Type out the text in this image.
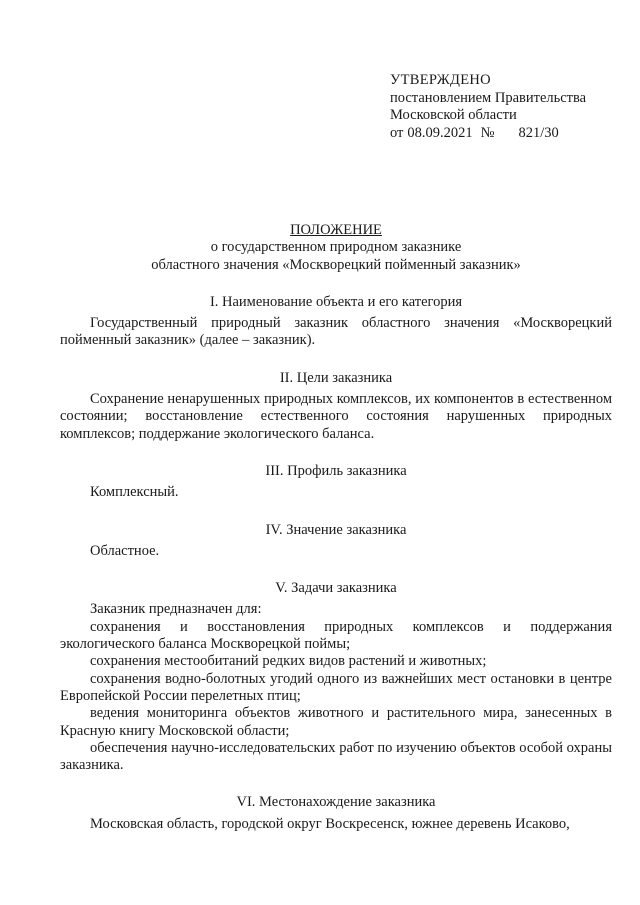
УТВЕРЖДЕНО
постановлением Правительства
Московской области
от 08.09.2021 № 821/30
ПОЛОЖЕНИЕ
о государственном природном заказнике
областного значения «Москворецкий пойменный заказник»
I. Наименование объекта и его категория

Государственный природный заказник областного значения «Москворецкий пойменный заказник» (далее – заказник).

II. Цели заказника

Сохранение ненарушенных природных комплексов, их компонентов в естественном состоянии; восстановление естественного состояния нарушенных природных комплексов; поддержание экологического баланса.

III. Профиль заказника

Комплексный.

IV. Значение заказника

Областное.

V. Задачи заказника

Заказник предназначен для:

сохранения и восстановления природных комплексов и поддержания экологического баланса Москворецкой поймы;

сохранения местообитаний редких видов растений и животных;

сохранения водно-болотных угодий одного из важнейших мест остановки в центре Европейской России перелетных птиц;

ведения мониторинга объектов животного и растительного мира, занесенных в Красную книгу Московской области;

обеспечения научно-исследовательских работ по изучению объектов особой охраны заказника.

VI. Местонахождение заказника

Московская область, городской округ Воскресенск, южнее деревень Исаково,
